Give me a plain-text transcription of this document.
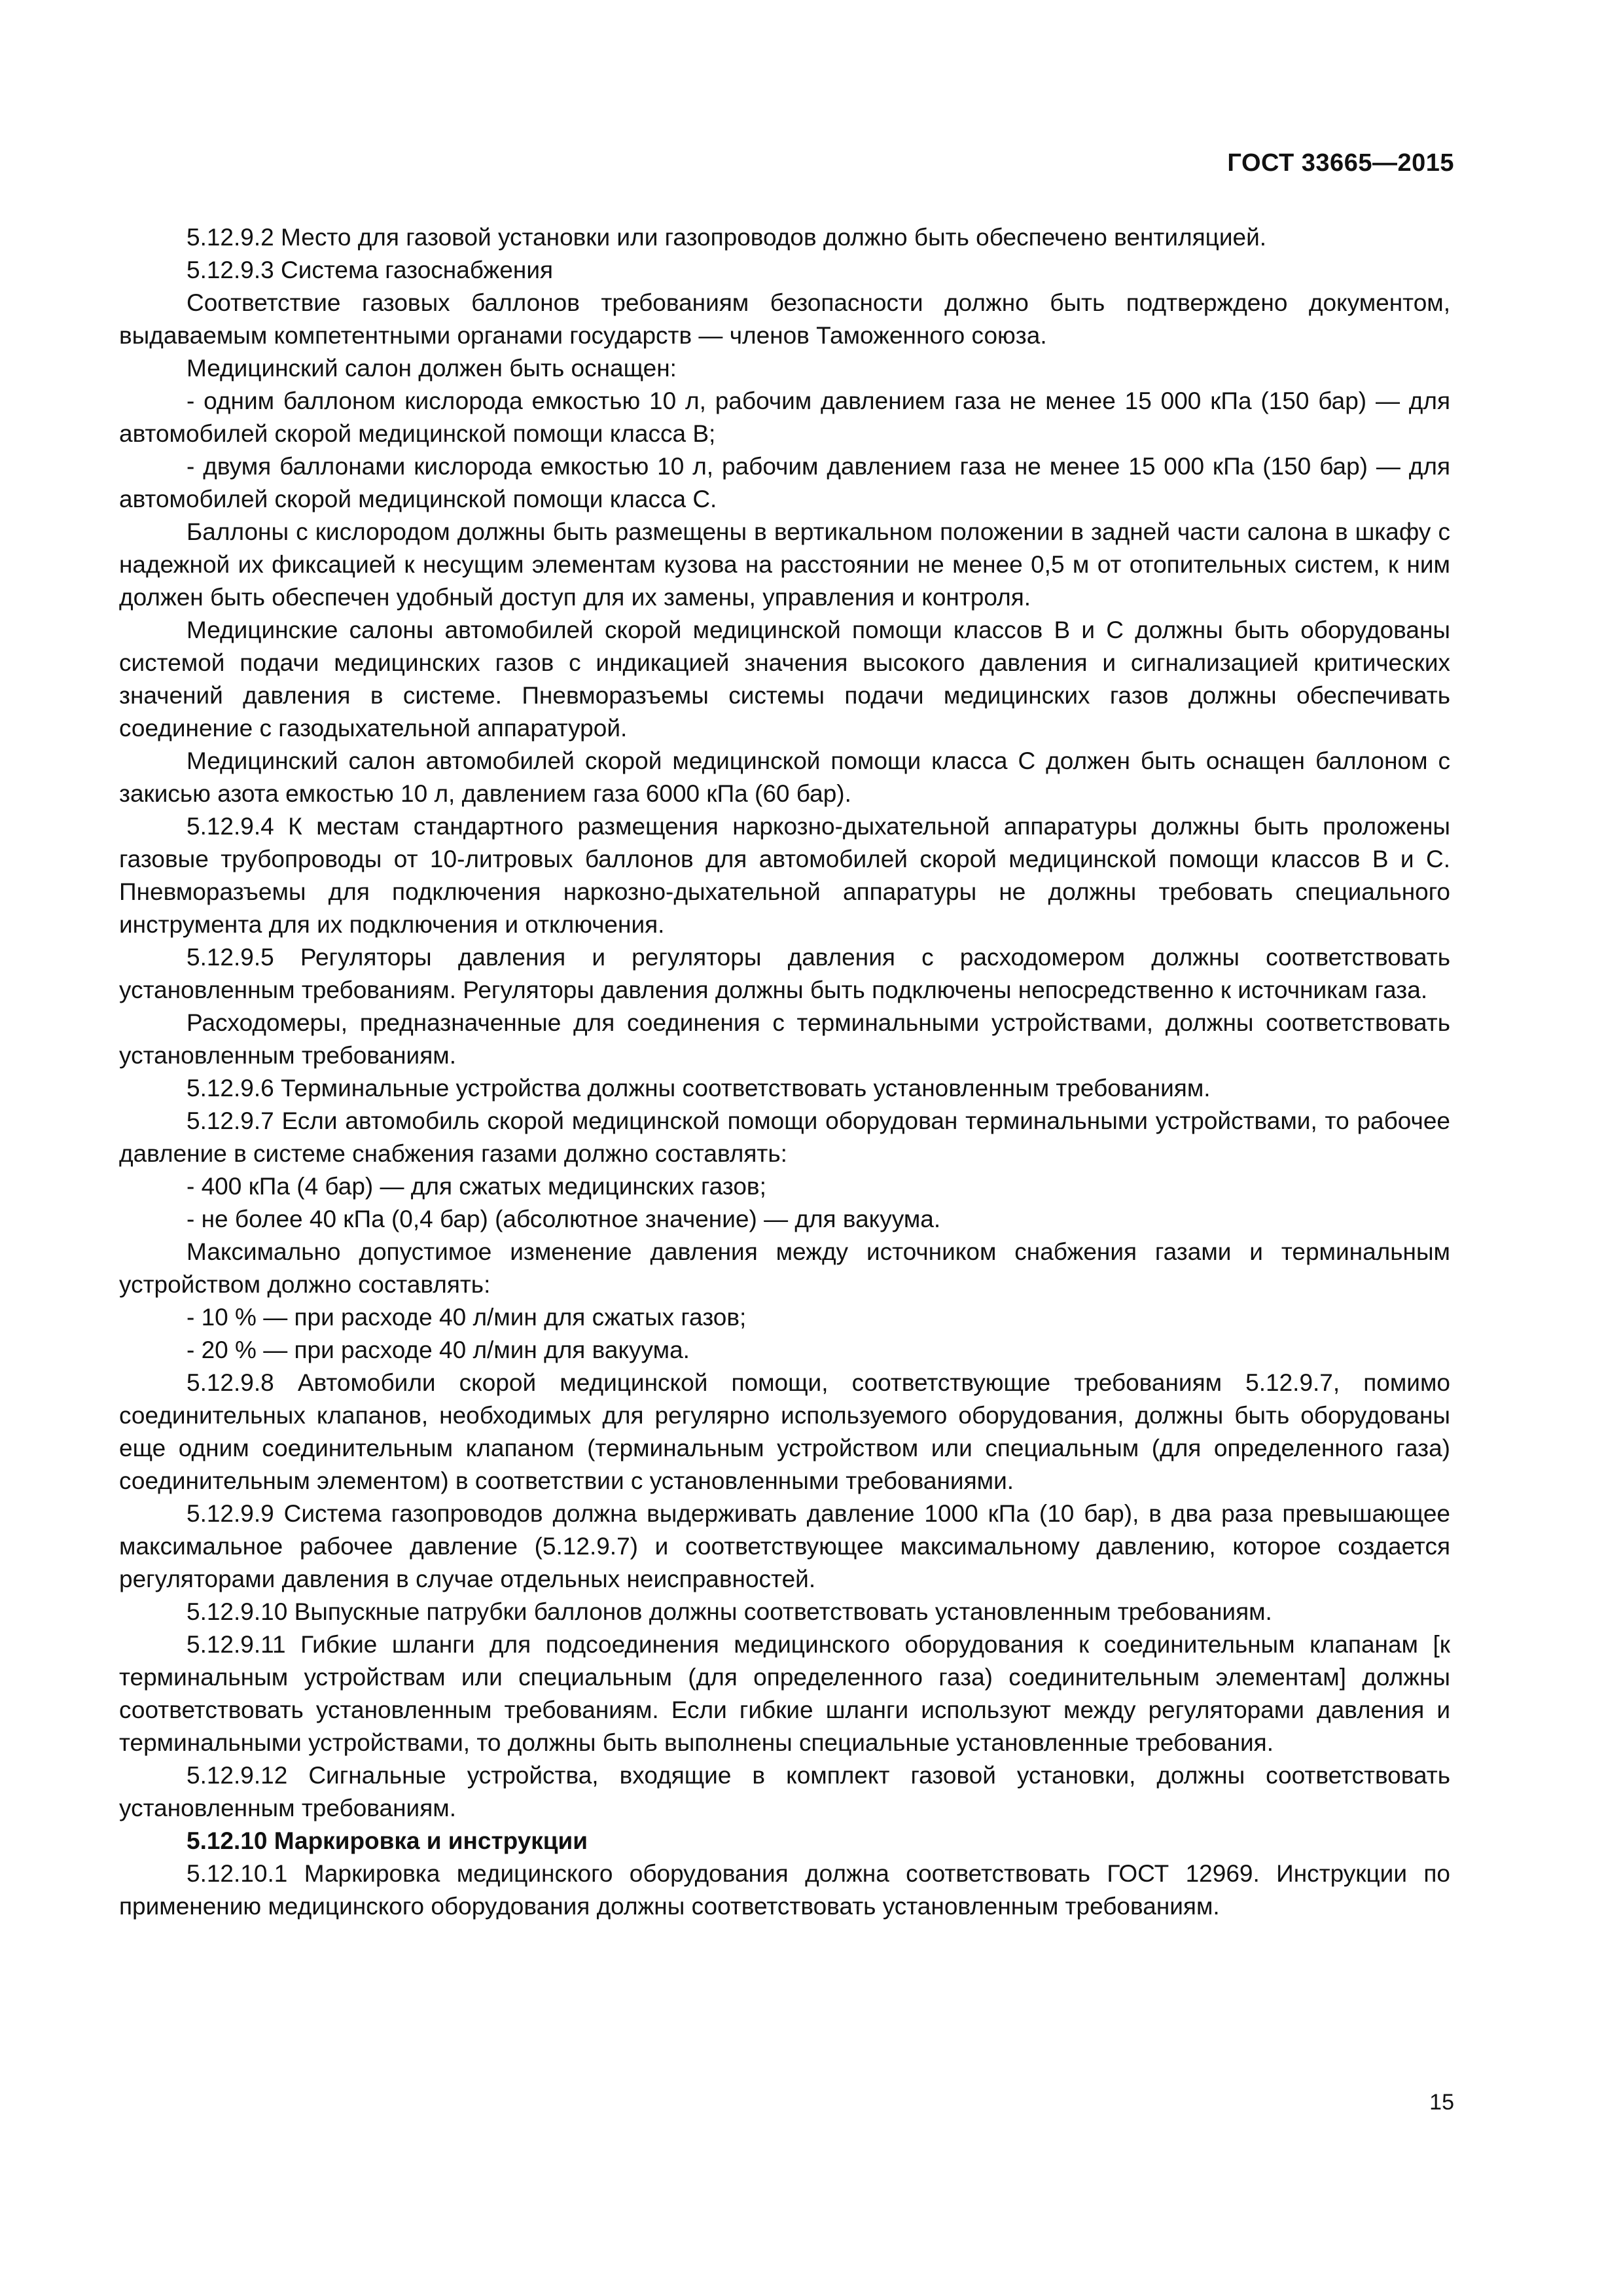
ГОСТ 33665—2015

5.12.9.2 Место для газовой установки или газопроводов должно быть обеспечено вентиляцией.

5.12.9.3 Система газоснабжения

Соответствие газовых баллонов требованиям безопасности должно быть подтверждено документом, выдаваемым компетентными органами государств — членов Таможенного союза.

Медицинский салон должен быть оснащен:

- одним баллоном кислорода емкостью 10 л, рабочим давлением газа не менее 15 000 кПа (150 бар) — для автомобилей скорой медицинской помощи класса В;

- двумя баллонами кислорода емкостью 10 л, рабочим давлением газа не менее 15 000 кПа (150 бар) — для автомобилей скорой медицинской помощи класса С.

Баллоны с кислородом должны быть размещены в вертикальном положении в задней части салона в шкафу с надежной их фиксацией к несущим элементам кузова на расстоянии не менее 0,5 м от отопительных систем, к ним должен быть обеспечен удобный доступ для их замены, управления и контроля.

Медицинские салоны автомобилей скорой медицинской помощи классов В и С должны быть оборудованы системой подачи медицинских газов с индикацией значения высокого давления и сигнализацией критических значений давления в системе. Пневморазъемы системы подачи медицинских газов должны обеспечивать соединение с газодыхательной аппаратурой.

Медицинский салон автомобилей скорой медицинской помощи класса С должен быть оснащен баллоном с закисью азота емкостью 10 л, давлением газа 6000 кПа (60 бар).

5.12.9.4 К местам стандартного размещения наркозно-дыхательной аппаратуры должны быть проложены газовые трубопроводы от 10-литровых баллонов для автомобилей скорой медицинской помощи классов В и С. Пневморазъемы для подключения наркозно-дыхательной аппаратуры не должны требовать специального инструмента для их подключения и отключения.

5.12.9.5 Регуляторы давления и регуляторы давления с расходомером должны соответствовать установленным требованиям. Регуляторы давления должны быть подключены непосредственно к источникам газа.

Расходомеры, предназначенные для соединения с терминальными устройствами, должны соответствовать установленным требованиям.

5.12.9.6 Терминальные устройства должны соответствовать установленным требованиям.

5.12.9.7 Если автомобиль скорой медицинской помощи оборудован терминальными устройствами, то рабочее давление в системе снабжения газами должно составлять:

- 400 кПа (4 бар) — для сжатых медицинских газов;

- не более 40 кПа (0,4 бар) (абсолютное значение) — для вакуума.

Максимально допустимое изменение давления между источником снабжения газами и терминальным устройством должно составлять:

- 10 % — при расходе 40 л/мин для сжатых газов;

- 20 % — при расходе 40 л/мин для вакуума.

5.12.9.8 Автомобили скорой медицинской помощи, соответствующие требованиям 5.12.9.7, помимо соединительных клапанов, необходимых для регулярно используемого оборудования, должны быть оборудованы еще одним соединительным клапаном (терминальным устройством или специальным (для определенного газа) соединительным элементом) в соответствии с установленными требованиями.

5.12.9.9 Система газопроводов должна выдерживать давление 1000 кПа (10 бар), в два раза превышающее максимальное рабочее давление (5.12.9.7) и соответствующее максимальному давлению, которое создается регуляторами давления в случае отдельных неисправностей.

5.12.9.10 Выпускные патрубки баллонов должны соответствовать установленным требованиям.

5.12.9.11 Гибкие шланги для подсоединения медицинского оборудования к соединительным клапанам [к терминальным устройствам или специальным (для определенного газа) соединительным элементам] должны соответствовать установленным требованиям. Если гибкие шланги используют между регуляторами давления и терминальными устройствами, то должны быть выполнены специальные установленные требования.

5.12.9.12 Сигнальные устройства, входящие в комплект газовой установки, должны соответствовать установленным требованиям.

5.12.10 Маркировка и инструкции

5.12.10.1 Маркировка медицинского оборудования должна соответствовать ГОСТ 12969. Инструкции по применению медицинского оборудования должны соответствовать установленным требованиям.

15
